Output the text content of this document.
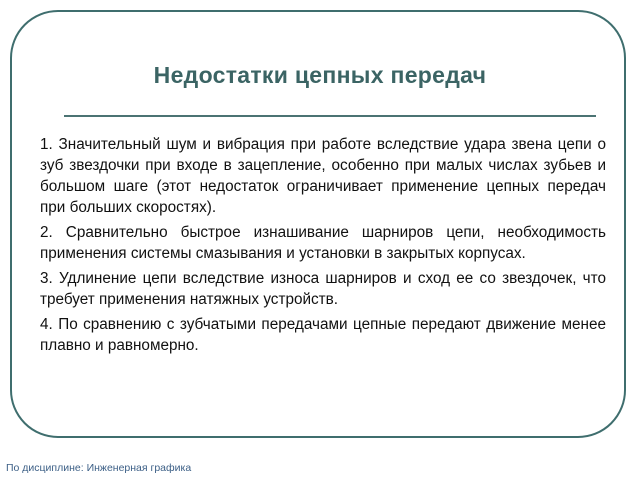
Недостатки цепных передач

1. Значительный шум и вибрация при работе вследствие удара звена цепи о зуб звездочки при входе в зацепление, особенно при малых числах зубьев и большом шаге (этот недостаток ограничивает применение цепных передач при больших скоростях).

2. Сравнительно быстрое изнашивание шарниров цепи, необходимость применения системы смазывания и установки в закрытых корпусах.

3. Удлинение цепи вследствие износа шарниров и сход ее со звездочек, что требует применения натяжных устройств.

4. По сравнению с зубчатыми передачами цепные передают движение менее плавно и равномерно.

По дисциплине: Инженерная графика
